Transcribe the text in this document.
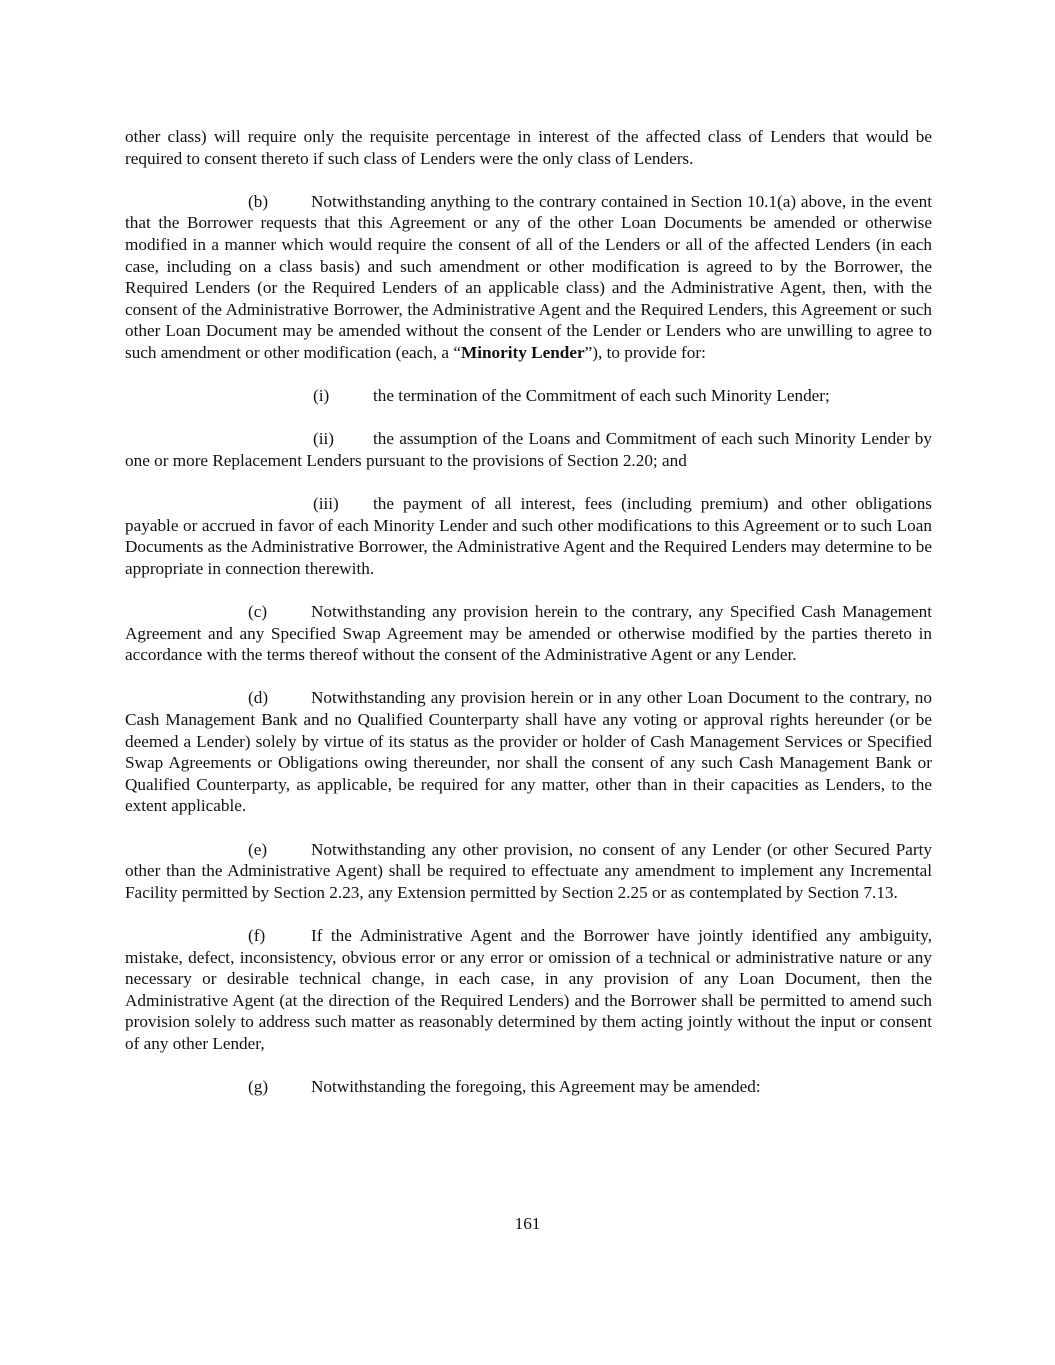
other class) will require only the requisite percentage in interest of the affected class of Lenders that would be required to consent thereto if such class of Lenders were the only class of Lenders.

(b) Notwithstanding anything to the contrary contained in Section 10.1(a) above, in the event that the Borrower requests that this Agreement or any of the other Loan Documents be amended or otherwise modified in a manner which would require the consent of all of the Lenders or all of the affected Lenders (in each case, including on a class basis) and such amendment or other modification is agreed to by the Borrower, the Required Lenders (or the Required Lenders of an applicable class) and the Administrative Agent, then, with the consent of the Administrative Borrower, the Administrative Agent and the Required Lenders, this Agreement or such other Loan Document may be amended without the consent of the Lender or Lenders who are unwilling to agree to such amendment or other modification (each, a “Minority Lender”), to provide for:

(i)	the termination of the Commitment of each such Minority Lender;

(ii) the assumption of the Loans and Commitment of each such Minority Lender by one or more Replacement Lenders pursuant to the provisions of Section 2.20; and

(iii) the payment of all interest, fees (including premium) and other obligations payable or accrued in favor of each Minority Lender and such other modifications to this Agreement or to such Loan Documents as the Administrative Borrower, the Administrative Agent and the Required Lenders may determine to be appropriate in connection therewith.

(c)	Notwithstanding any provision herein to the contrary, any Specified Cash Management Agreement and any Specified Swap Agreement may be amended or otherwise modified by the parties thereto in accordance with the terms thereof without the consent of the Administrative Agent or any Lender.

(d) Notwithstanding any provision herein or in any other Loan Document to the contrary, no Cash Management Bank and no Qualified Counterparty shall have any voting or approval rights hereunder (or be deemed a Lender) solely by virtue of its status as the provider or holder of Cash Management Services or Specified Swap Agreements or Obligations owing thereunder, nor shall the consent of any such Cash Management Bank or Qualified Counterparty, as applicable, be required for any matter, other than in their capacities as Lenders, to the extent applicable.

(e)	Notwithstanding any other provision, no consent of any Lender (or other Secured Party other than the Administrative Agent) shall be required to effectuate any amendment to implement any Incremental Facility permitted by Section 2.23, any Extension permitted by Section 2.25 or as contemplated by Section 7.13.

(f)	If the Administrative Agent and the Borrower have jointly identified any ambiguity, mistake, defect, inconsistency, obvious error or any error or omission of a technical or administrative nature or any necessary or desirable technical change, in each case, in any provision of any Loan Document, then the Administrative Agent (at the direction of the Required Lenders) and the Borrower shall be permitted to amend such provision solely to address such matter as reasonably determined by them acting jointly without the input or consent of any other Lender,

(g) Notwithstanding the foregoing, this Agreement may be amended:

161
